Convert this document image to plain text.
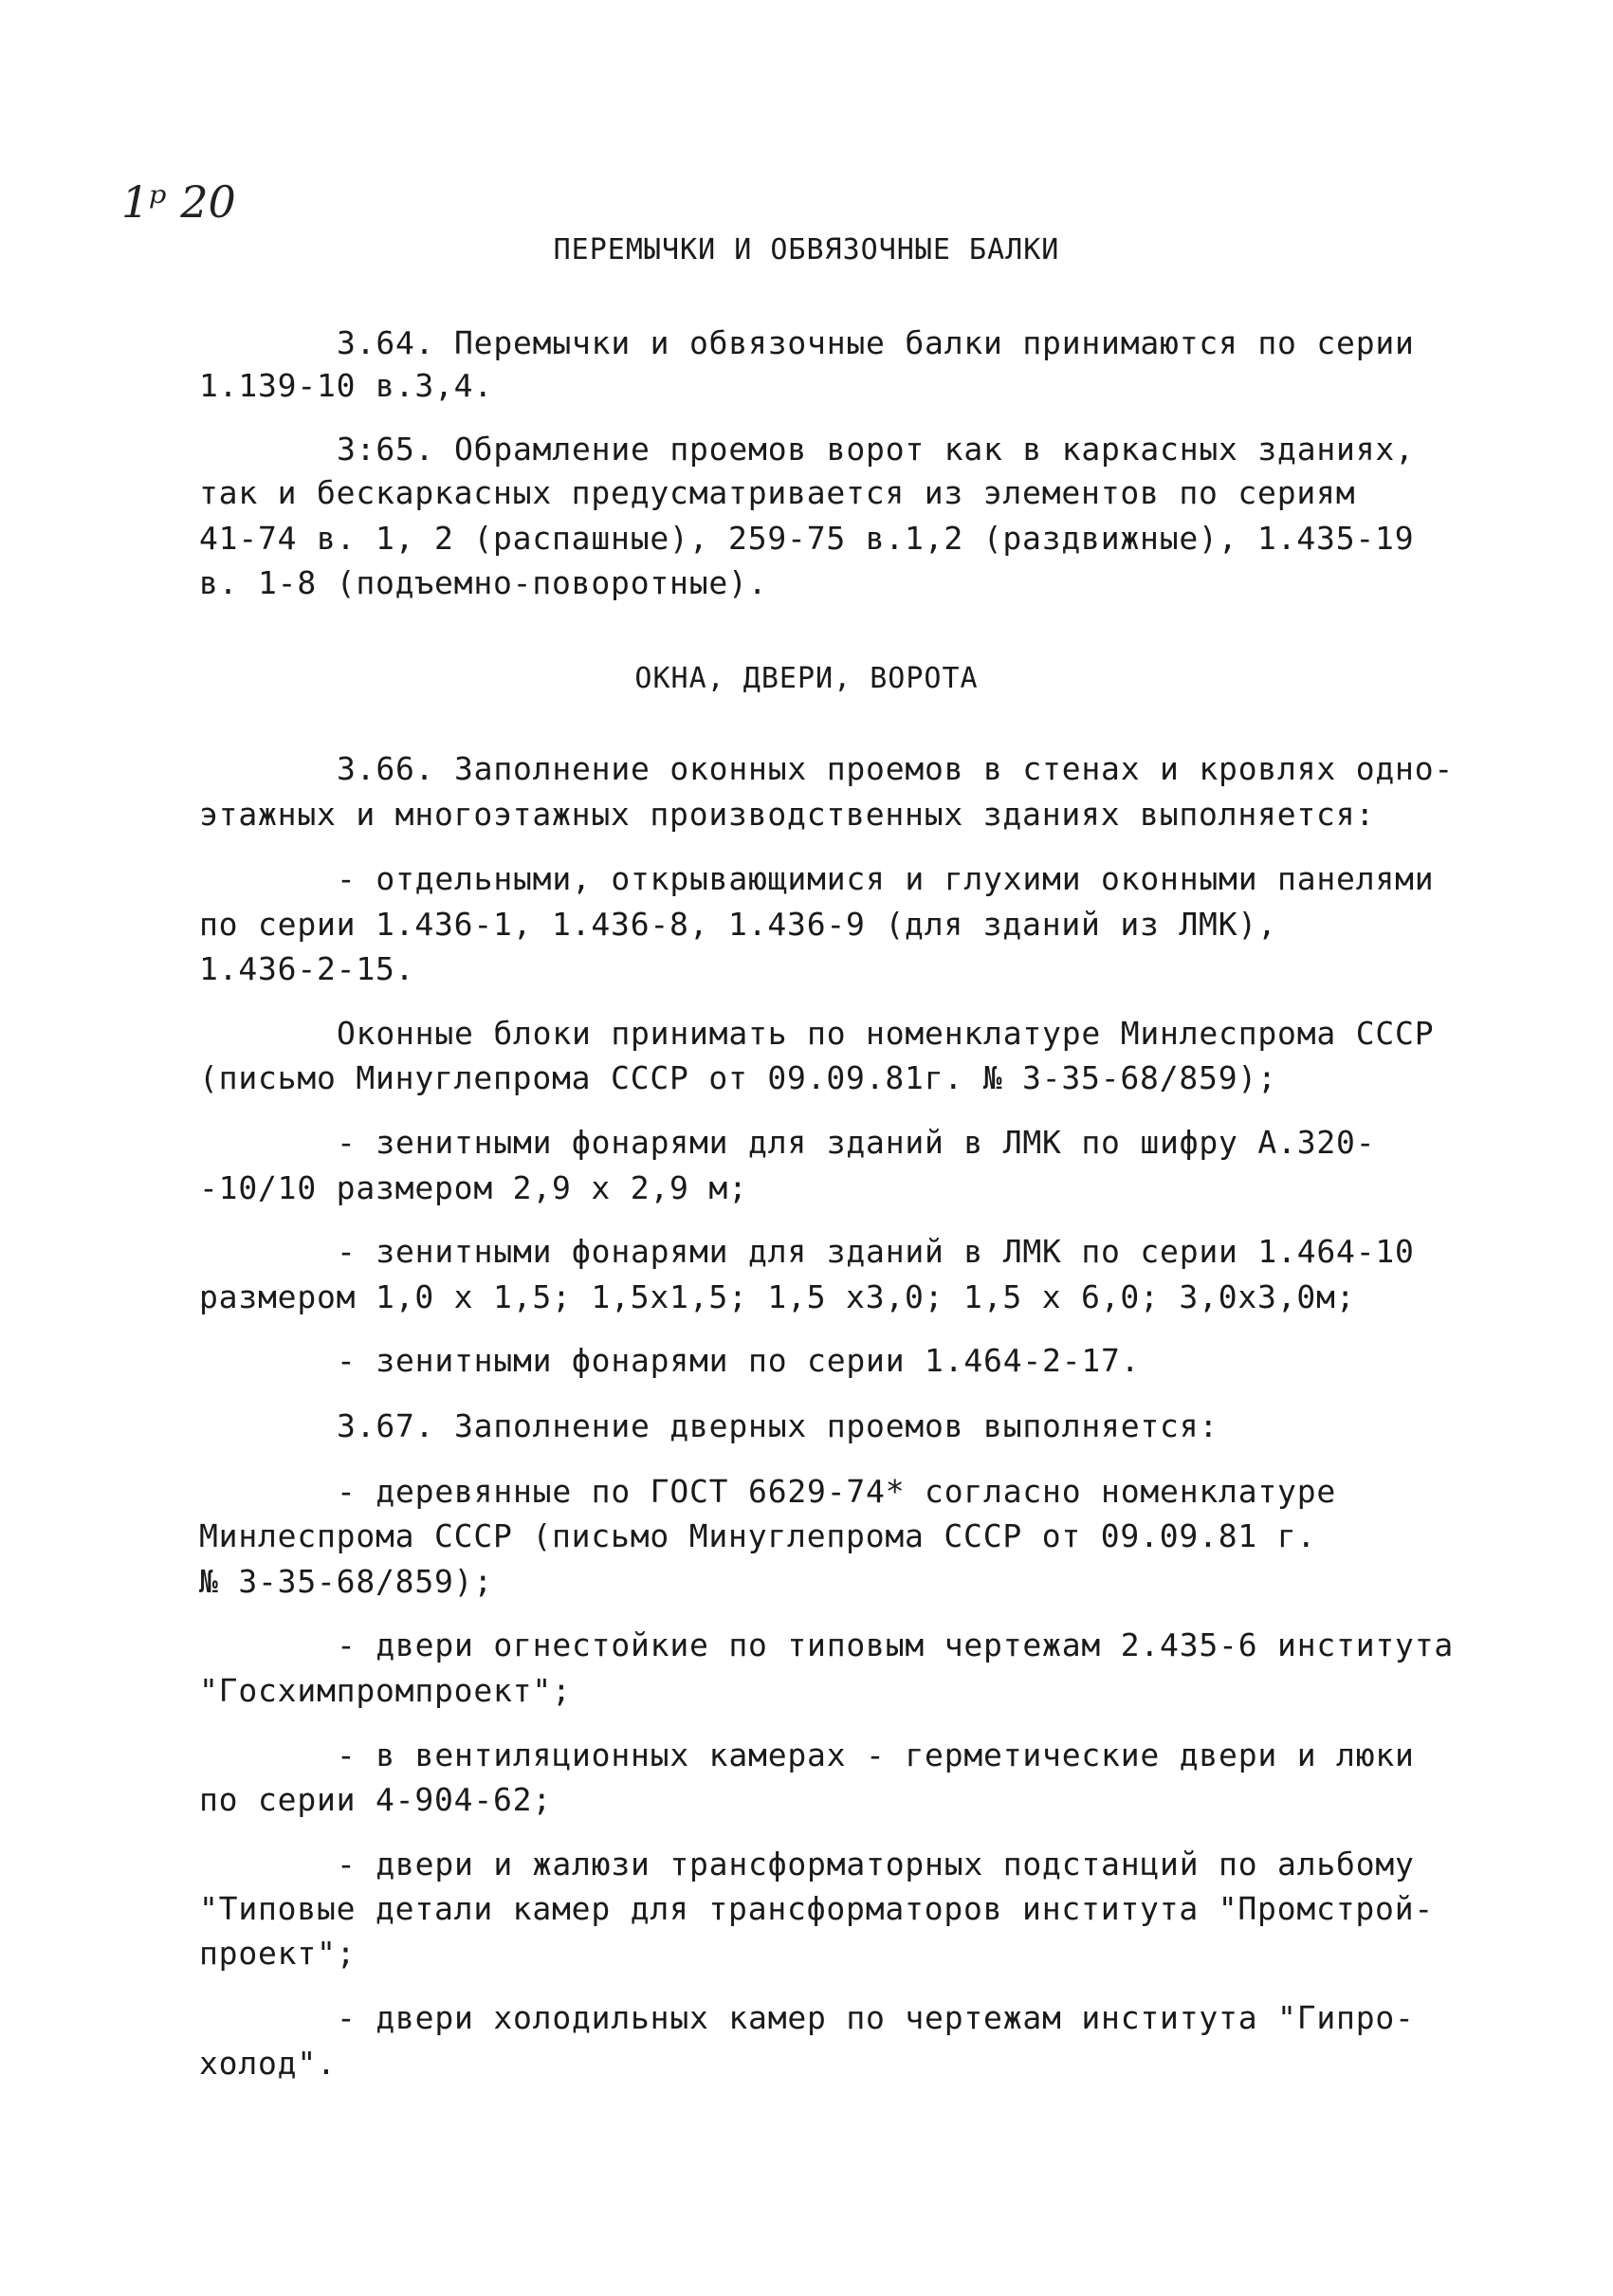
1ᵖ 20
ПЕРЕМЫЧКИ И ОБВЯЗОЧНЫЕ БАЛКИ
3.64. Перемычки и обвязочные балки принимаются по серии
1.139-10 в.3,4.
3:65. Обрамление проемов ворот как в каркасных зданиях,
так и бескаркасных предусматривается из элементов по сериям
41-74 в. 1, 2 (распашные), 259-75 в.1,2 (раздвижные), 1.435-19
в. 1-8 (подъемно-поворотные).
ОКНА, ДВЕРИ, ВОРОТА
3.66. Заполнение оконных проемов в стенах и кровлях одно-
этажных и многоэтажных производственных зданиях выполняется:
- отдельными, открывающимися и глухими оконными панелями
по серии 1.436-1, 1.436-8, 1.436-9 (для зданий из ЛМК),
1.436-2-15.
Оконные блоки принимать по номенклатуре Минлеспрома СССР
(письмо Минуглепрома СССР от 09.09.81г. № 3-35-68/859);
- зенитными фонарями для зданий в ЛМК по шифру А.320-
-10/10 размером 2,9 х 2,9 м;
- зенитными фонарями для зданий в ЛМК по серии 1.464-10
размером 1,0 х 1,5; 1,5х1,5; 1,5 х3,0; 1,5 х 6,0; 3,0х3,0м;
- зенитными фонарями по серии 1.464-2-17.
3.67. Заполнение дверных проемов выполняется:
- деревянные по ГОСТ 6629-74* согласно номенклатуре
Минлеспрома СССР (письмо Минуглепрома СССР от 09.09.81 г.
№ 3-35-68/859);
- двери огнестойкие по типовым чертежам 2.435-6 института
"Госхимпромпроект";
- в вентиляционных камерах - герметические двери и люки
по серии 4-904-62;
- двери и жалюзи трансформаторных подстанций по альбому
"Типовые детали камер для трансформаторов института "Промстрой-
проект";
- двери холодильных камер по чертежам института "Гипро-
холод".
